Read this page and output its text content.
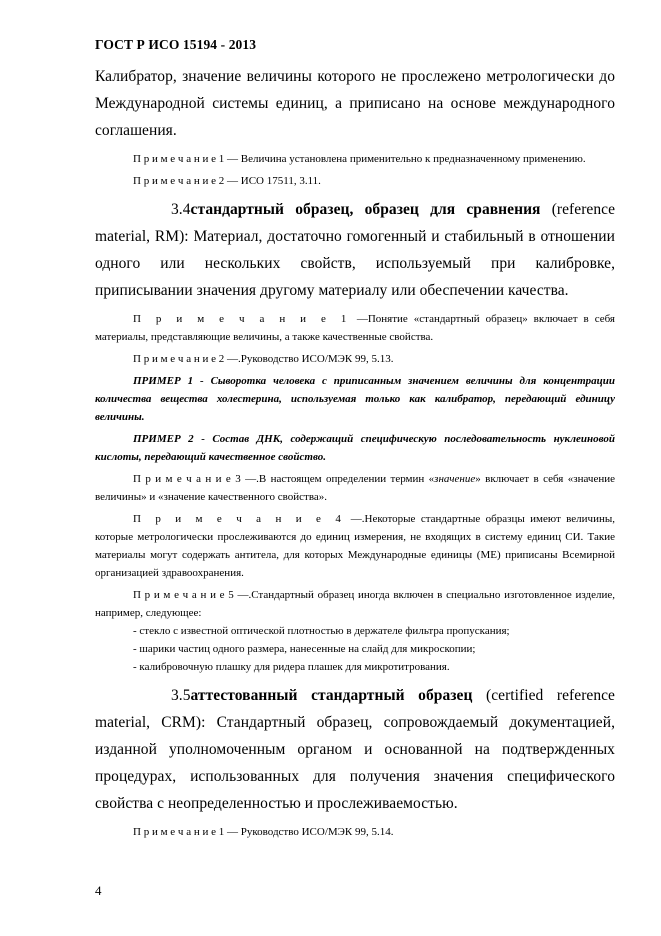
ГОСТ Р ИСО 15194 - 2013

Калибратор, значение величины которого не прослежено метрологически до Международной системы единиц, а приписано на основе международного соглашения.

П р и м е ч а н и е 1 — Величина установлена применительно к предназначенному применению.

П р и м е ч а н и е 2 — ИСО 17511, 3.11.

3.4стандартный образец, образец для сравнения (reference material, RM): Материал, достаточно гомогенный и стабильный в отношении одного или нескольких свойств, используемый при калибровке, приписывании значения другому материалу или обеспечении качества.

П р и м е ч а н и е 1 —Понятие «стандартный образец» включает в себя материалы, представляющие величины, а также качественные свойства.

П р и м е ч а н и е 2 —.Руководство ИСО/МЭК 99, 5.13.

ПРИМЕР 1 - Сыворотка человека с приписанным значением величины для концентрации количества вещества холестерина, используемая только как калибратор, передающий единицу величины.

ПРИМЕР 2 - Состав ДНК, содержащий специфическую последовательность нуклеиновой кислоты, передающий качественное свойство.

П р и м е ч а н и е 3 —.В настоящем определении термин «значение» включает в себя «значение величины» и «значение качественного свойства».

П р и м е ч а н и е 4 —.Некоторые стандартные образцы имеют величины, которые метрологически прослеживаются до единиц измерения, не входящих в систему единиц СИ. Такие материалы могут содержать антитела, для которых Международные единицы (МЕ) приписаны Всемирной организацией здравоохранения.

П р и м е ч а н и е 5 —.Стандартный образец иногда включен в специально изготовленное изделие, например, следующее:

- стекло с известной оптической плотностью в держателе фильтра пропускания;

- шарики частиц одного размера, нанесенные на слайд для микроскопии;

- калибровочную плашку для ридера плашек для микротитрования.

3.5аттестованный стандартный образец (certified reference material, CRM): Стандартный образец, сопровождаемый документацией, изданной уполномоченным органом и основанной на подтвержденных процедурах, использованных для получения значения специфического свойства с неопределенностью и прослеживаемостью.

П р и м е ч а н и е 1 — Руководство ИСО/МЭК 99, 5.14.

4
